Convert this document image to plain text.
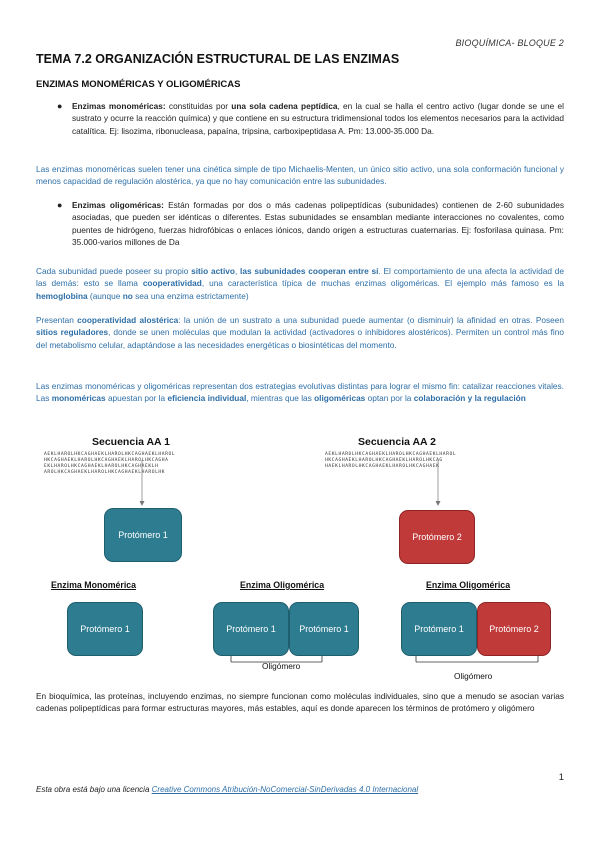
BIOQUÍMICA- BLOQUE 2
TEMA 7.2 ORGANIZACIÓN ESTRUCTURAL DE LAS ENZIMAS
ENZIMAS MONOMÉRICAS Y OLIGOMÉRICAS
● Enzimas monoméricas: constituidas por una sola cadena peptídica, en la cual se halla el centro activo (lugar donde se une el sustrato y ocurre la reacción química) y que contiene en su estructura tridimensional todos los elementos necesarios para la actividad catalítica. Ej: lisozima, ribonucleasa, papaína, tripsina, carboxipeptidasa A. Pm: 13.000-35.000 Da.
Las enzimas monoméricas suelen tener una cinética simple de tipo Michaelis-Menten, un único sitio activo, una sola conformación funcional y menos capacidad de regulación alostérica, ya que no hay comunicación entre las subunidades.
● Enzimas oligoméricas: Están formadas por dos o más cadenas polipeptídicas (subunidades) contienen de 2-60 subunidades asociadas, que pueden ser idénticas o diferentes. Estas subunidades se ensamblan mediante interacciones no covalentes, como puentes de hidrógeno, fuerzas hidrofóbicas o enlaces iónicos, dando origen a estructuras cuaternarias. Ej: fosforilasa quinasa. Pm: 35.000-varios millones de Da
Cada subunidad puede poseer su propio sitio activo, las subunidades cooperan entre sí. El comportamiento de una afecta la actividad de las demás: esto se llama cooperatividad, una característica típica de muchas enzimas oligoméricas. El ejemplo más famoso es la hemoglobina (aunque no sea una enzima estrictamente)
Presentan cooperatividad alostérica: la unión de un sustrato a una subunidad puede aumentar (o disminuir) la afinidad en otras. Poseen sitios reguladores, donde se unen moléculas que modulan la actividad (activadores o inhibidores alostéricos). Permiten un control más fino del metabolismo celular, adaptándose a las necesidades energéticas o biosintéticas del momento.
Las enzimas monoméricas y oligoméricas representan dos estrategias evolutivas distintas para lograr el mismo fin: catalizar reacciones vitales. Las monoméricas apuestan por la eficiencia individual, mientras que las oligoméricas optan por la colaboración y la regulación
Secuencia AA 1
AEKLHAROLHKCAGHAEKLHAROLHKCAGHAEKLHAROL
HKCAGHAEKLHAROLHKCAGHAEKLHAROLHKCAGHA
EKLHAROLHKCAGHAEKLHAROLHKCAGHAEKLH
AROLHKCAGHAEKLHAROLHKCAGHAEKLHAROLHK
Secuencia AA 2
AEKLHAROLHKCAGHAEKLHAROLHKCAGHAEKLHAROL
HKCAGHAEKLHAROLHKCAGHAEKLHAROLHKCAG
HAEKLHAROLHKCAGHAEKLHAROLHKCAGHAEK
Protómero 1	Protómero 2
Enzima Monomérica	Enzima Oligomérica	Enzima Oligomérica
Protómero 1	Protómero 1	Protómero 1	Protómero 1	Protómero 2
Oligómero
Oligómero
En bioquímica, las proteínas, incluyendo enzimas, no siempre funcionan como moléculas individuales, sino que a menudo se asocian varias cadenas polipeptídicas para formar estructuras mayores, más estables, aquí es donde aparecen los términos de protómero y oligómero
1
Esta obra está bajo una licencia Creative Commons Atribución-NoComercial-SinDerivadas 4.0 Internacional
